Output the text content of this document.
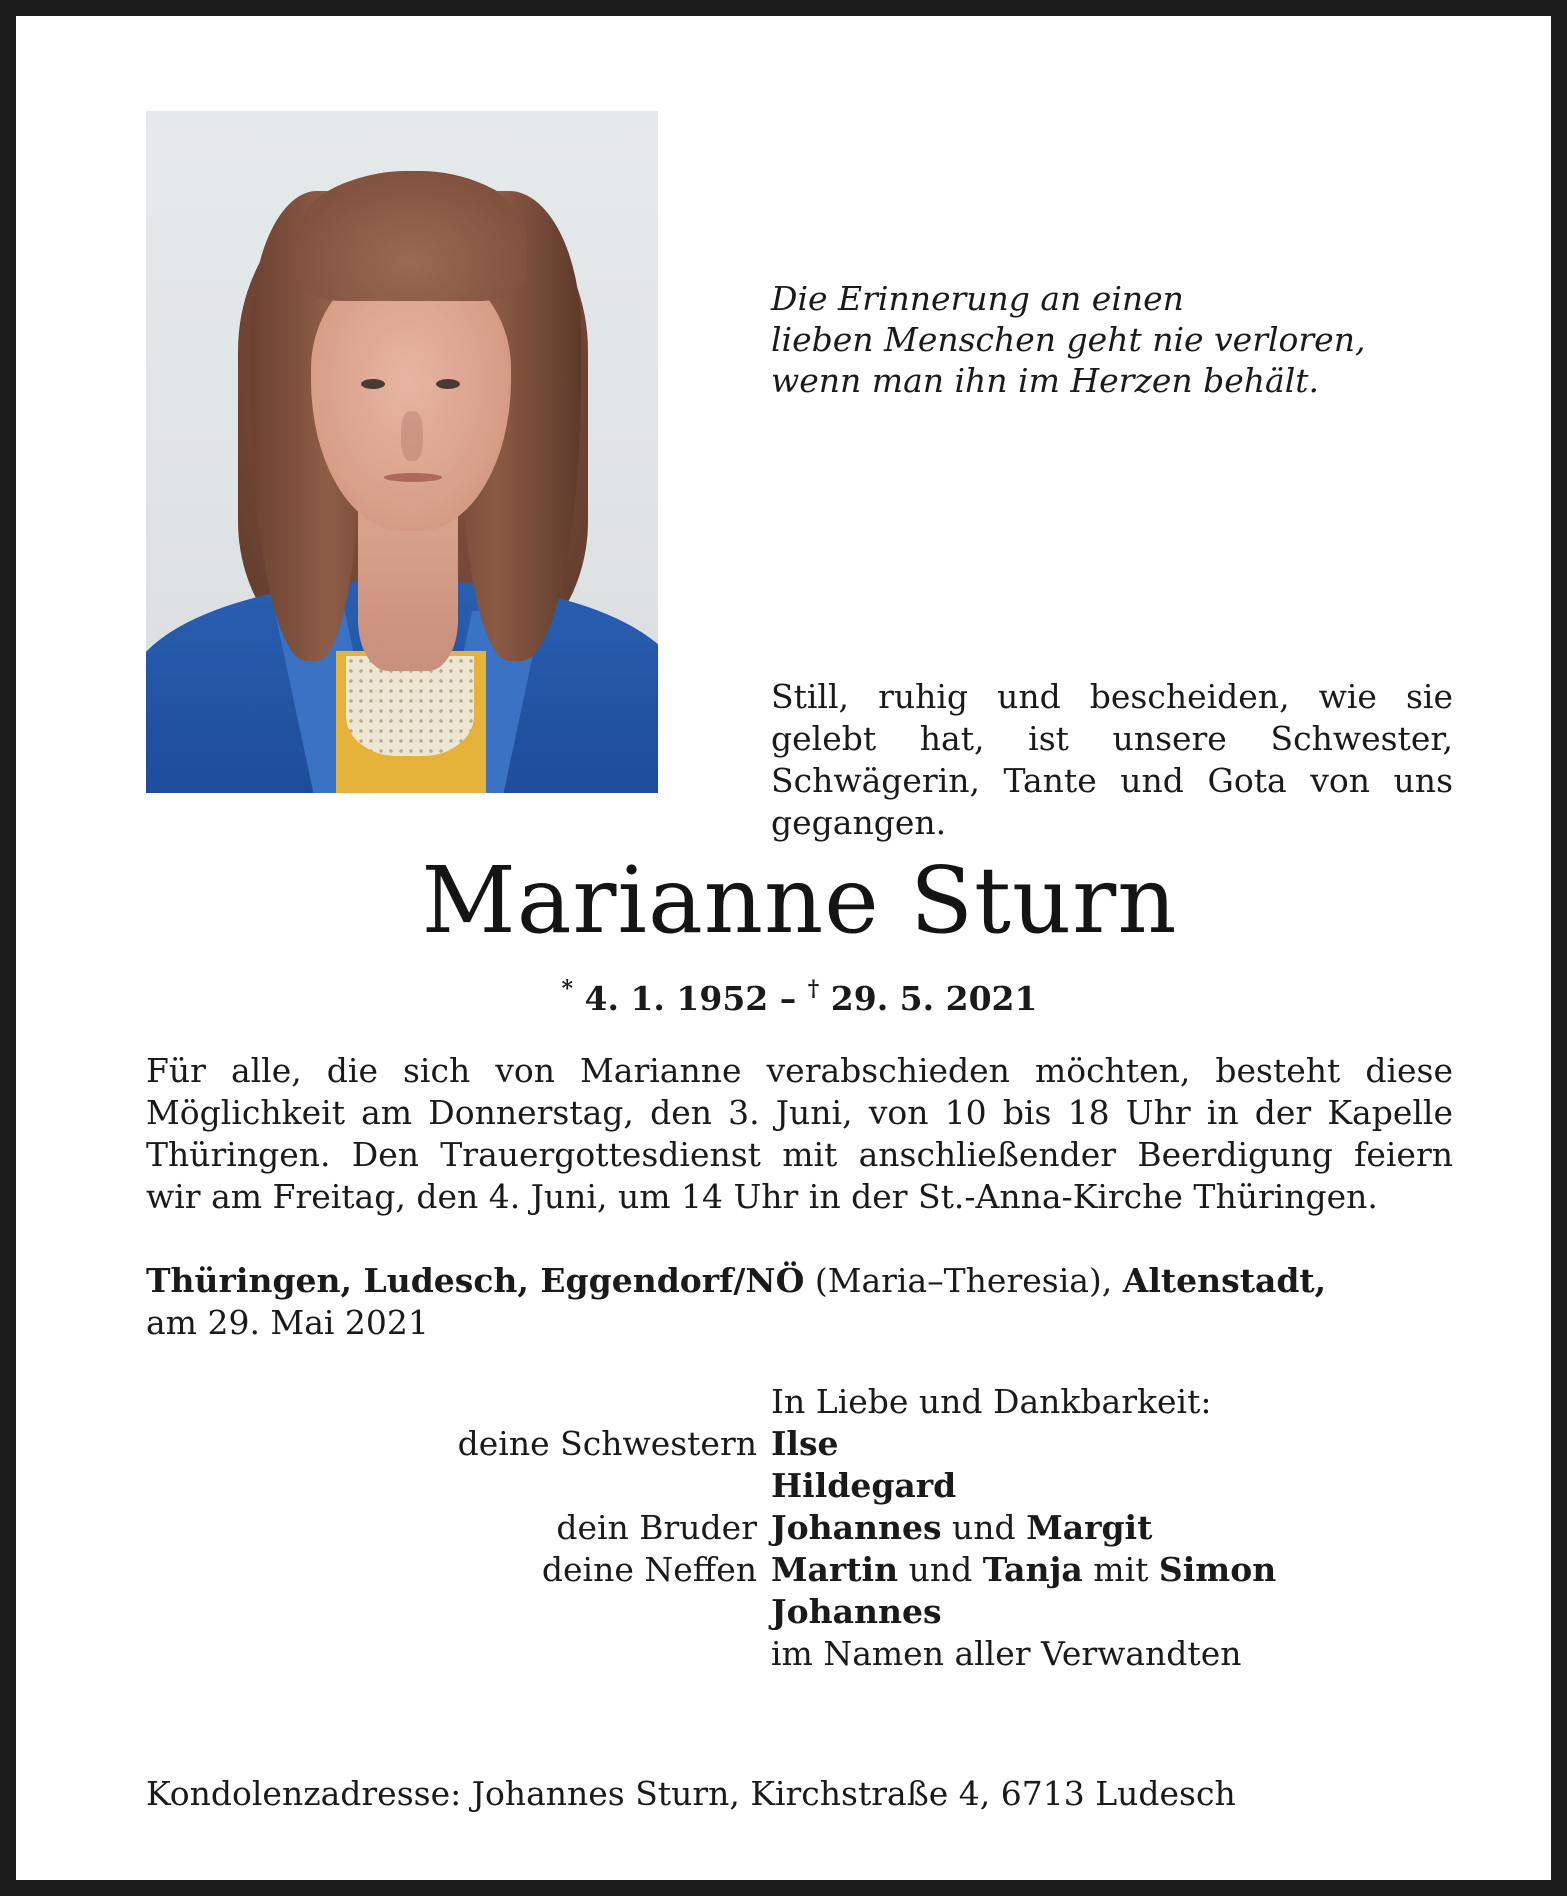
Die Erinnerung an einen
lieben Menschen geht nie verloren,
wenn man ihn im Herzen behält.
Still, ruhig und bescheiden, wie sie gelebt hat, ist unsere Schwester, Schwägerin, Tante und Gota von uns gegangen.
Marianne Sturn
* 4. 1. 1952 – † 29. 5. 2021
Für alle, die sich von Marianne verabschieden möchten, besteht diese Möglichkeit am Donnerstag, den 3. Juni, von 10 bis 18 Uhr in der Kapelle Thüringen. Den Trauergottesdienst mit anschließender Beerdigung feiern wir am Freitag, den 4. Juni, um 14 Uhr in der St.-Anna-Kirche Thüringen.
Thüringen, Ludesch, Eggendorf/NÖ (Maria–Theresia), Altenstadt,
am 29. Mai 2021
In Liebe und Dankbarkeit:
deine Schwestern Ilse
Hildegard
dein Bruder Johannes und Margit
deine Neffen Martin und Tanja mit Simon
Johannes
im Namen aller Verwandten
Kondolenzadresse: Johannes Sturn, Kirchstraße 4, 6713 Ludesch
